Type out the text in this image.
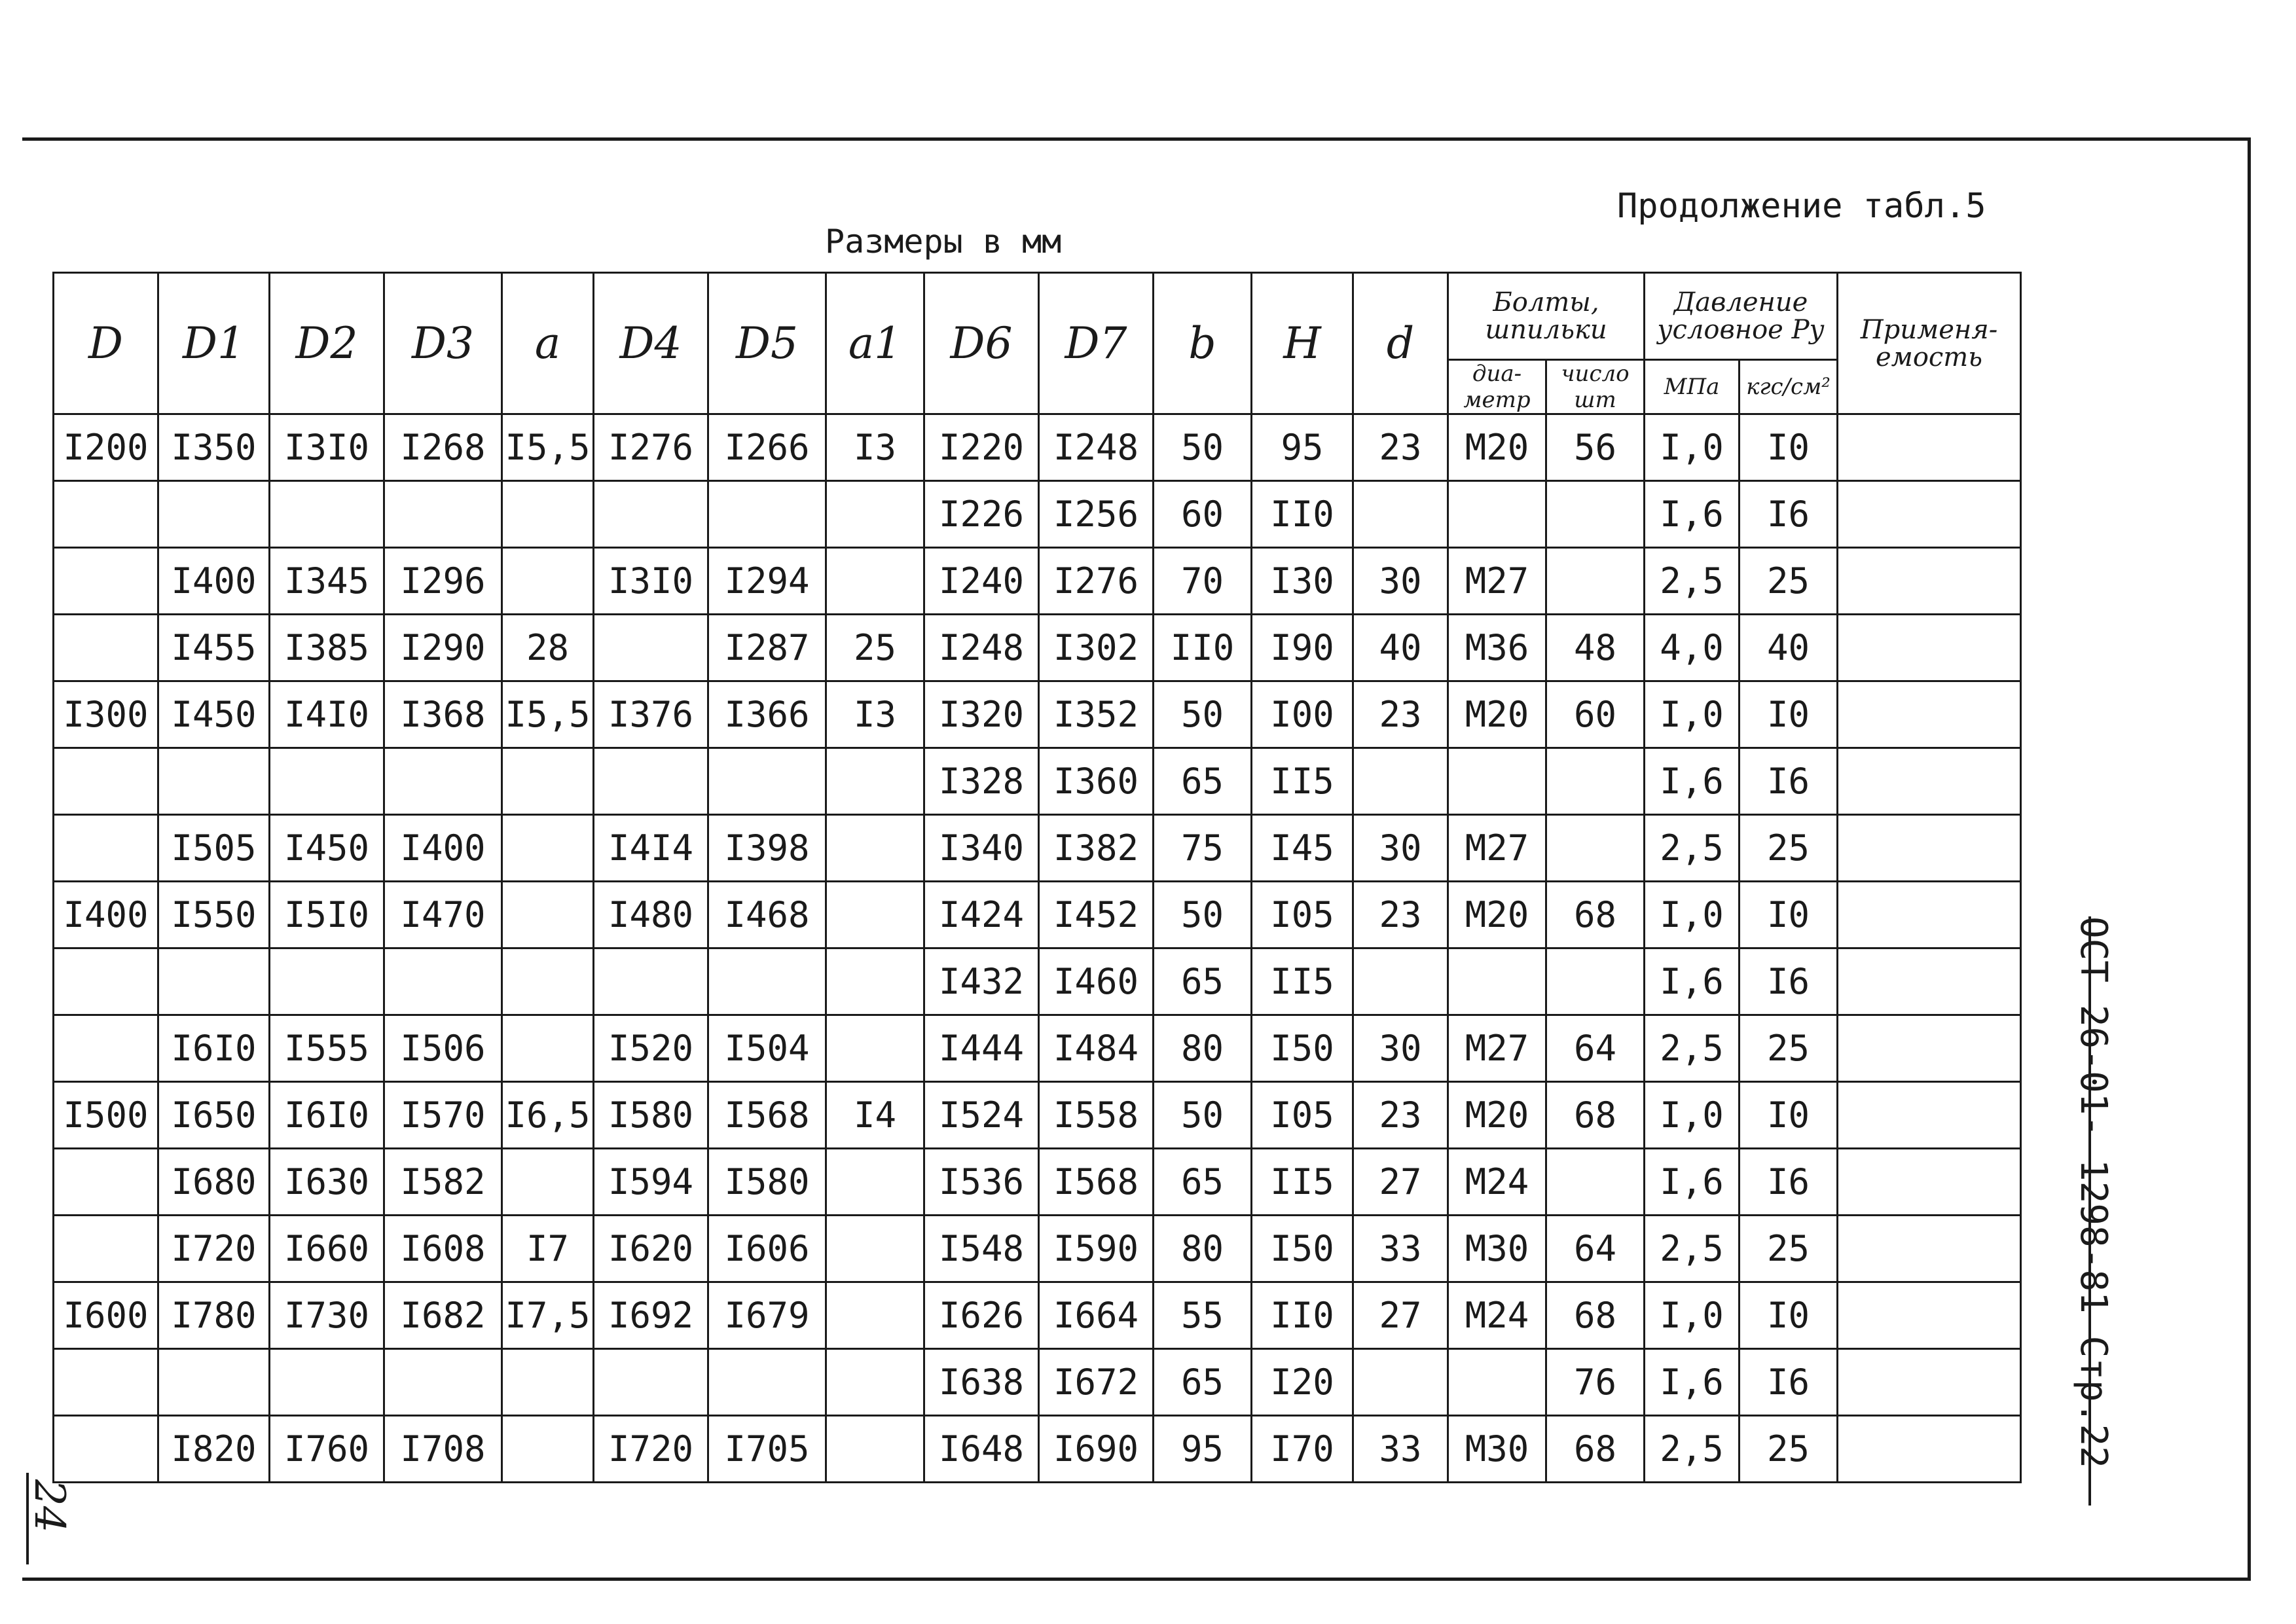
Продолжение табл.5
Размеры в мм
D	D1	D2	D3	a	D4	D5	a1	D6	D7	b	H	d	Болты, шпильки		Давление условное Ру		Применя-емость
													диа-метр	число шт	МПа	кгс/см²	
I200	I350	I3I0	I268	I5,5	I276	I266	I3	I220	I248	50	95	23	M20	56	I,0	I0	
								I226	I256	60	II0				I,6	I6	
	I400	I345	I296		I3I0	I294		I240	I276	70	I30	30	M27		2,5	25	
	I455	I385	I290	28		I287	25	I248	I302	II0	I90	40	M36	48	4,0	40	
I300	I450	I4I0	I368	I5,5	I376	I366	I3	I320	I352	50	I00	23	M20	60	I,0	I0	
								I328	I360	65	II5				I,6	I6	
	I505	I450	I400		I4I4	I398		I340	I382	75	I45	30	M27		2,5	25	
I400	I550	I5I0	I470		I480	I468		I424	I452	50	I05	23	M20	68	I,0	I0	
								I432	I460	65	II5				I,6	I6	
	I6I0	I555	I506		I520	I504		I444	I484	80	I50	30	M27	64	2,5	25	
I500	I650	I6I0	I570	I6,5	I580	I568	I4	I524	I558	50	I05	23	M20	68	I,0	I0	
	I680	I630	I582		I594	I580		I536	I568	65	II5	27	M24		I,6	I6	
	I720	I660	I608	I7	I620	I606		I548	I590	80	I50	33	M30	64	2,5	25	
I600	I780	I730	I682	I7,5	I692	I679		I626	I664	55	II0	27	M24	68	I,0	I0	
								I638	I672	65	I20			76	I,6	I6	
	I820	I760	I708		I720	I705		I648	I690	95	I70	33	M30	68	2,5	25		ОСТ 26-01- 1298-81 Стр.22
24
